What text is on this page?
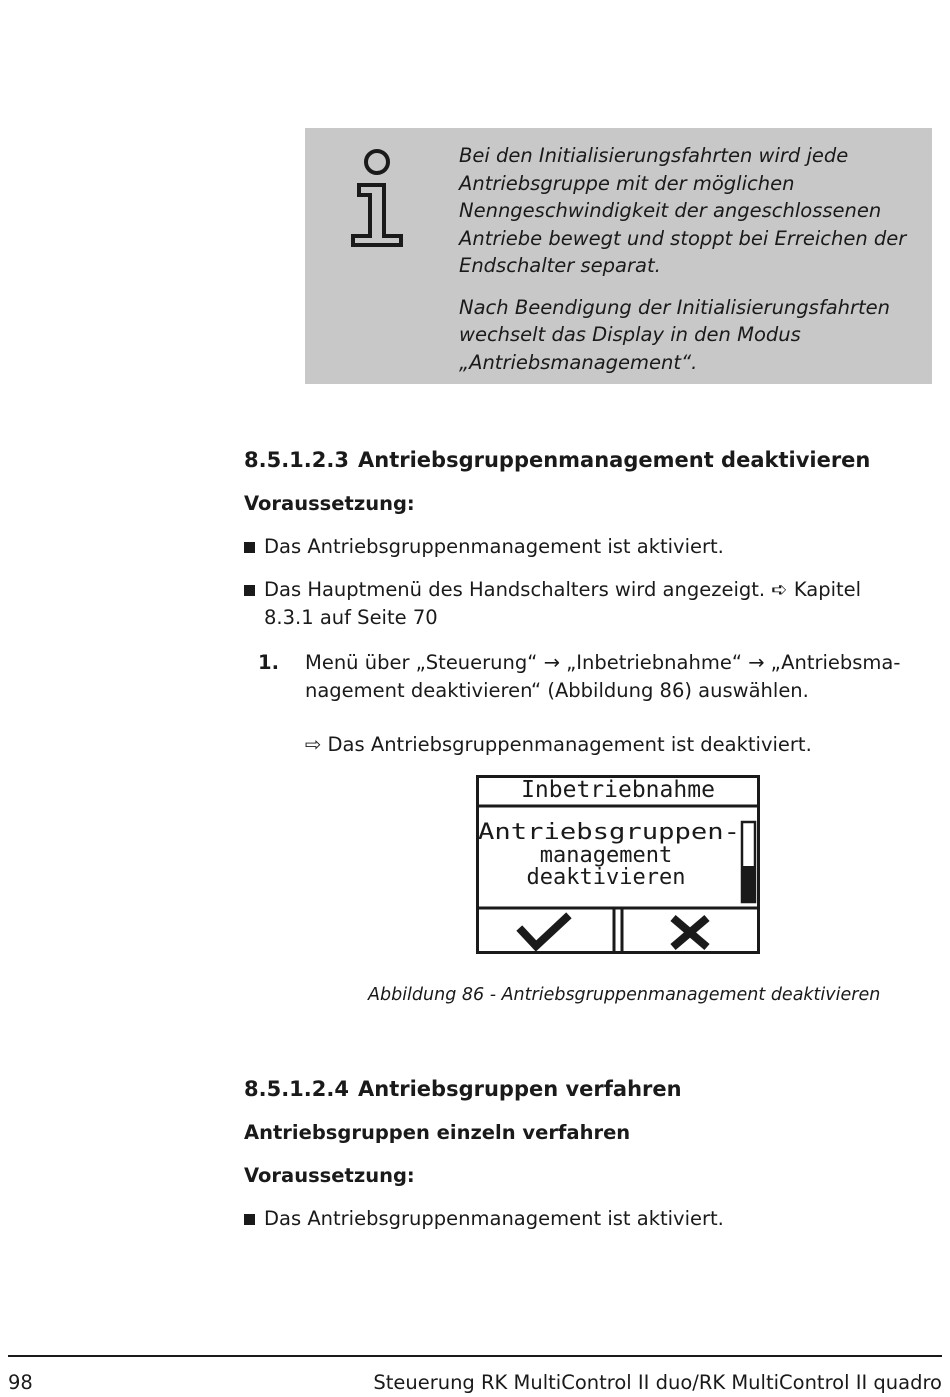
Bei den Initialisierungsfahrten wird jede Antriebsgruppe mit der möglichen Nenngeschwindigkeit der angeschlossenen Antriebe bewegt und stoppt bei Erreichen der Endschalter separat.

Nach Beendigung der Initialisierungsfahrten wechselt das Display in den Modus „Antriebsmanagement“.

8.5.1.2.3 Antriebsgruppenmanagement deaktivieren
Voraussetzung:
Das Antriebsgruppenmanagement ist aktiviert.
Das Hauptmenü des Handschalters wird angezeigt. ➪ Kapitel 8.3.1 auf Seite 70
1. Menü über „Steuerung“ → „Inbetriebnahme“ → „Antriebsma-nagement deaktivieren“ (Abbildung 86) auswählen.
⇨ Das Antriebsgruppenmanagement ist deaktiviert.
Inbetriebnahme
Antriebsgruppen-
management
deaktivieren
Abbildung 86 - Antriebsgruppenmanagement deaktivieren
8.5.1.2.4 Antriebsgruppen verfahren
Antriebsgruppen einzeln verfahren
Voraussetzung:
Das Antriebsgruppenmanagement ist aktiviert.
98	Steuerung RK MultiControl II duo/RK MultiControl II quadro
